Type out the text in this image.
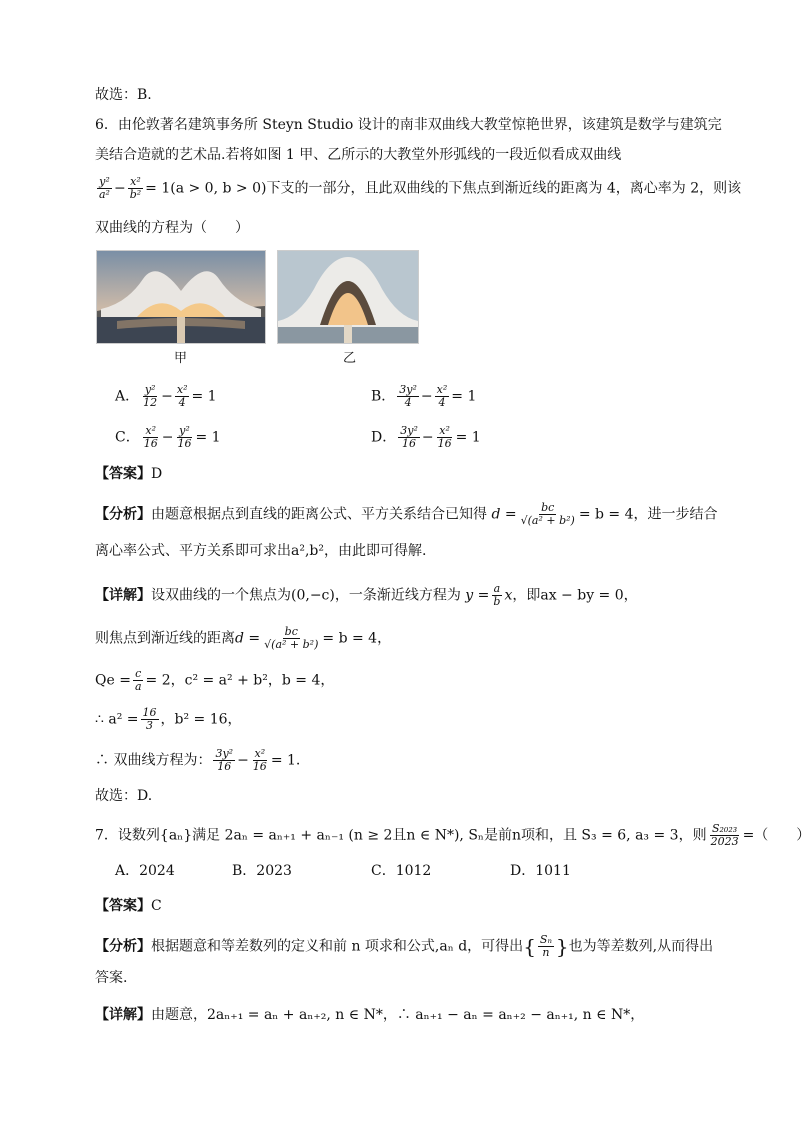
故选：B.
6．由伦敦著名建筑事务所 Steyn Studio 设计的南非双曲线大教堂惊艳世界，该建筑是数学与建筑完
美结合造就的艺术品.若将如图 1 甲、乙所示的大教堂外形弧线的一段近似看成双曲线
$\frac{\text{y²}}{\text{a²}} - \frac{\text{x²}}{\text{b²}} = 1(a > 0$, b > 0)下支的一部分，且此双曲线的下焦点到渐近线的距离为 4，离心率为 2，则该
双曲线的方程为（　　）
甲	乙
A． $\frac{\text{y²}}{12} - \frac{\text{x²}}{4} = 1$	B． $\frac{\text{3y²}}{4} - \frac{\text{x²}}{4} = 1$
C． $\frac{\text{x²}}{16} - \frac{\text{y²}}{16} = 1$	D． $\frac{\text{3y²}}{16} - \frac{\text{x²}}{16} = 1$
【答案】D
【分析】由题意根据点到直线的距离公式、平方关系结合已知得 $d = \frac{bc}{\text{√(a² + b²)}} = b = 4$，进一步结合
离心率公式、平方关系即可求出a²,b²，由此即可得解.
【详解】设双曲线的一个焦点为(0,−c)，一条渐近线方程为 $y = \frac{a}{b}$ x，即ax − by = 0，
则焦点到渐近线的距离$d = \frac{bc}{\text{√(a² + b²)}} = b = 4$，
$Qe = \frac{c}{a} = 2$，c² = a² + b²，b = 4，
∴ $a^2 = \frac{16}{3}$ ，b² = 16，
∴ 双曲线方程为： $\frac{\text{3y²}}{16} - \frac{\text{x²}}{16} = 1$.
故选：D.
7．设数列{aₙ}满足 2aₙ = aₙ₊₁ + aₙ₋₁ (n ≥ 2且n ∈ N*), Sₙ是前n项和，且 S₃ = 6, a₃ = 3，则 $\frac{\text{S₂₀₂₃}}{2023}$ =（　　）
A．2024	B．2023	C．1012	D．1011
【答案】C
【分析】根据题意和等差数列的定义和前 n 项求和公式,aₙ d，可得出{ $\frac{\text{Sₙ}}{n}$ }也为等差数列,从而得出
答案.
【详解】由题意，2aₙ₊₁ = aₙ + aₙ₊₂, n ∈ N*，∴ aₙ₊₁ − aₙ = aₙ₊₂ − aₙ₊₁, n ∈ N*，
